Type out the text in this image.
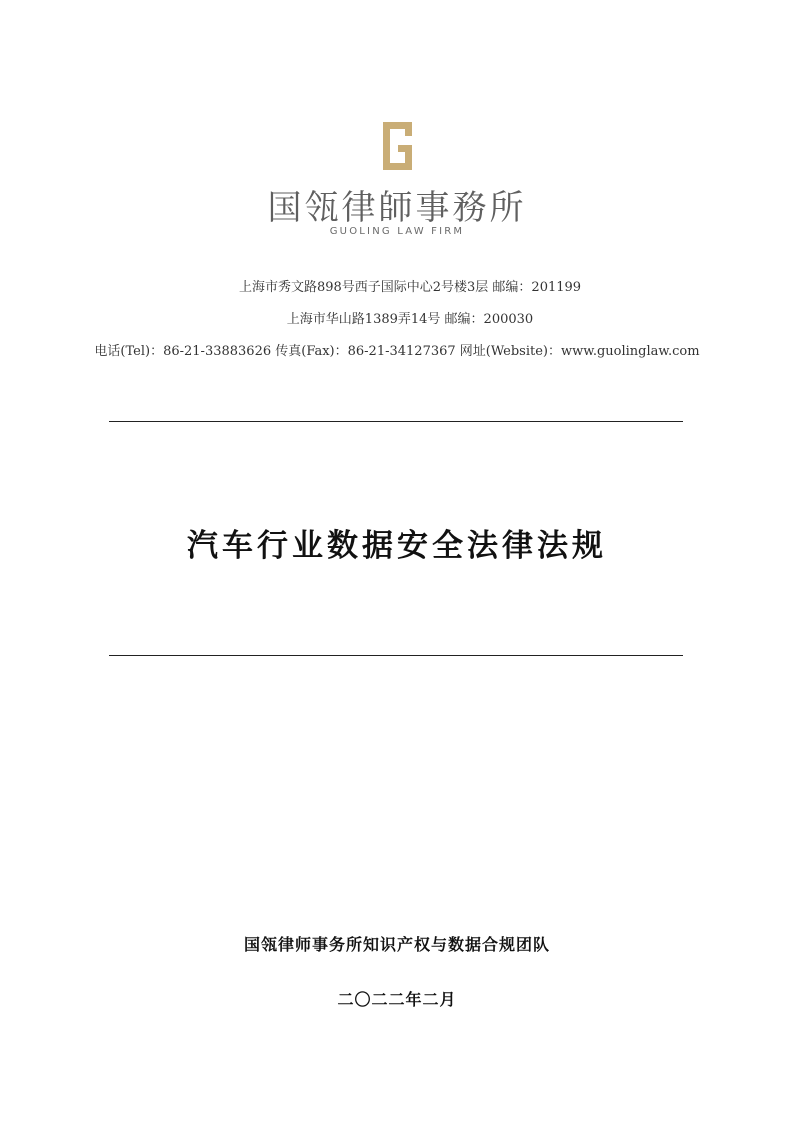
国瓴律師事務所
GUOLING LAW FIRM
上海市秀文路898号西子国际中心2号楼3层 邮编：201199
上海市华山路1389弄14号 邮编：200030
电话(Tel)：86-21-33883626 传真(Fax)：86-21-34127367 网址(Website)：www.guolinglaw.com
汽车行业数据安全法律法规
国瓴律师事务所知识产权与数据合规团队
二〇二二年二月
